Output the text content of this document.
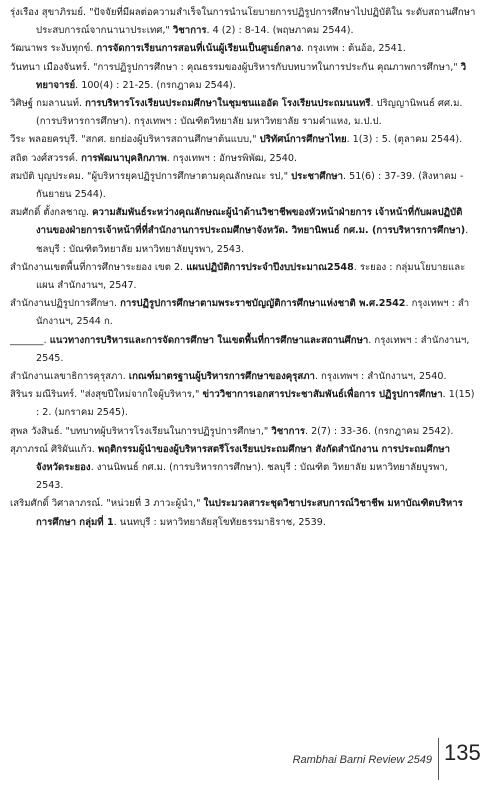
รุ่งเรือง สุขาภิรมย์. "ปัจจัยที่มีผลต่อความสำเร็จในการนำนโยบายการปฏิรูปการศึกษาไปปฏิบัติใน ระดับสถานศึกษาประสบการณ์จากนานาประเทศ," วิชาการ. 4 (2) : 8-14. (พฤษภาคม 2544).

วัฒนาพร ระงับทุกข์. การจัดการเรียนการสอนที่เน้นผู้เรียนเป็นศูนย์กลาง. กรุงเทพ : ต้นอ้อ, 2541.

วันทนา เมืองจันทร์. "การปฏิรูปการศึกษา : คุณธรรมของผู้บริหารกับบทบาทในการประกัน คุณภาพการศึกษา," วิทยาจารย์. 100(4) : 21-25. (กรกฎาคม 2544).

วิศิษฐ์ กมลานนท์. การบริหารโรงเรียนประถมศึกษาในชุมชนแออัด โรงเรียนประถมนนทรี. ปริญญานิพนธ์ ศศ.ม. (การบริหารการศึกษา). กรุงเทพฯ : บัณฑิตวิทยาลัย มหาวิทยาลัย รามคำแหง, ม.ป.ป.

วีระ พลอยครบุรี. "สกศ. ยกย่องผู้บริหารสถานศึกษาต้นแบบ," ปริทัศน์การศึกษาไทย. 1(3) : 5. (ตุลาคม 2544).

สถิต วงศ์สวรรค์. การพัฒนาบุคลิกภาพ. กรุงเทพฯ : อักษรพิพัฒ, 2540.

สมบัติ บุญประคม. "ผู้บริหารยุคปฏิรูปการศึกษาตามคุณลักษณะ รป," ประชาศึกษา. 51(6) : 37-39. (สิงหาคม - กันยายน 2544).

สมศักดิ์ ตั้งกลชาญ. ความสัมพันธ์ระหว่างคุณลักษณะผู้นำด้านวิชาชีพของหัวหน้าฝ่ายการ เจ้าหน้าที่กับผลปฏิบัติงานของฝ่ายการเจ้าหน้าที่ที่สำนักงานการประถมศึกษาจังหวัด. วิทยานิพนธ์ กศ.ม. (การบริหารการศึกษา). ชลบุรี : บัณฑิตวิทยาลัย มหาวิทยาลัยบูรพา, 2543.

สำนักงานเขตพื้นที่การศึกษาระยอง เขต 2. แผนปฏิบัติการประจำปีงบประมาณ2548. ระยอง : กลุ่มนโยบายและแผน สำนักงานฯ, 2547.

สำนักงานปฏิรูปการศึกษา. การปฏิรูปการศึกษาตามพระราชบัญญัติการศึกษาแห่งชาติ พ.ศ.2542. กรุงเทพฯ : สำนักงานฯ, 2544 ก.

_______. แนวทางการบริหารและการจัดการศึกษา ในเขตพื้นที่การศึกษาและสถานศึกษา. กรุงเทพฯ : สำนักงานฯ, 2545.

สำนักงานเลขาธิการคุรุสภา. เกณฑ์มาตรฐานผู้บริหารการศึกษาของคุรุสภา. กรุงเทพฯ : สำนักงานฯ, 2540.

สิรินร มณีรินทร์. "ส่งสุขปีใหม่จากใจผู้บริหาร," ข่าววิชาการเอกสารประชาสัมพันธ์เพื่อการ ปฏิรูปการศึกษา. 1(15) : 2. (มกราคม 2545).

สุพล วังสินธ์. "บทบาทผู้บริหารโรงเรียนในการปฏิรูปการศึกษา," วิชาการ. 2(7) : 33-36. (กรกฎาคม 2542).

สุภาภรณ์ ศิริผันแก้ว. พฤติกรรมผู้นำของผู้บริหารสตรีโรงเรียนประถมศึกษา สังกัดสำนักงาน การประถมศึกษาจังหวัดระยอง. งานนิพนธ์ กศ.ม. (การบริหารการศึกษา). ชลบุรี : บัณฑิต วิทยาลัย มหาวิทยาลัยบูรพา, 2543.

เสริมศักดิ์ วิศาลาภรณ์. "หน่วยที่ 3 ภาวะผู้นำ," ในประมวลสาระชุดวิชาประสบการณ์วิชาชีพ มหาบัณฑิตบริหารการศึกษา กลุ่มที่ 1. นนทบุรี : มหาวิทยาลัยสุโขทัยธรรมาธิราช, 2539.

Rambhai Barni Review 2549 135
